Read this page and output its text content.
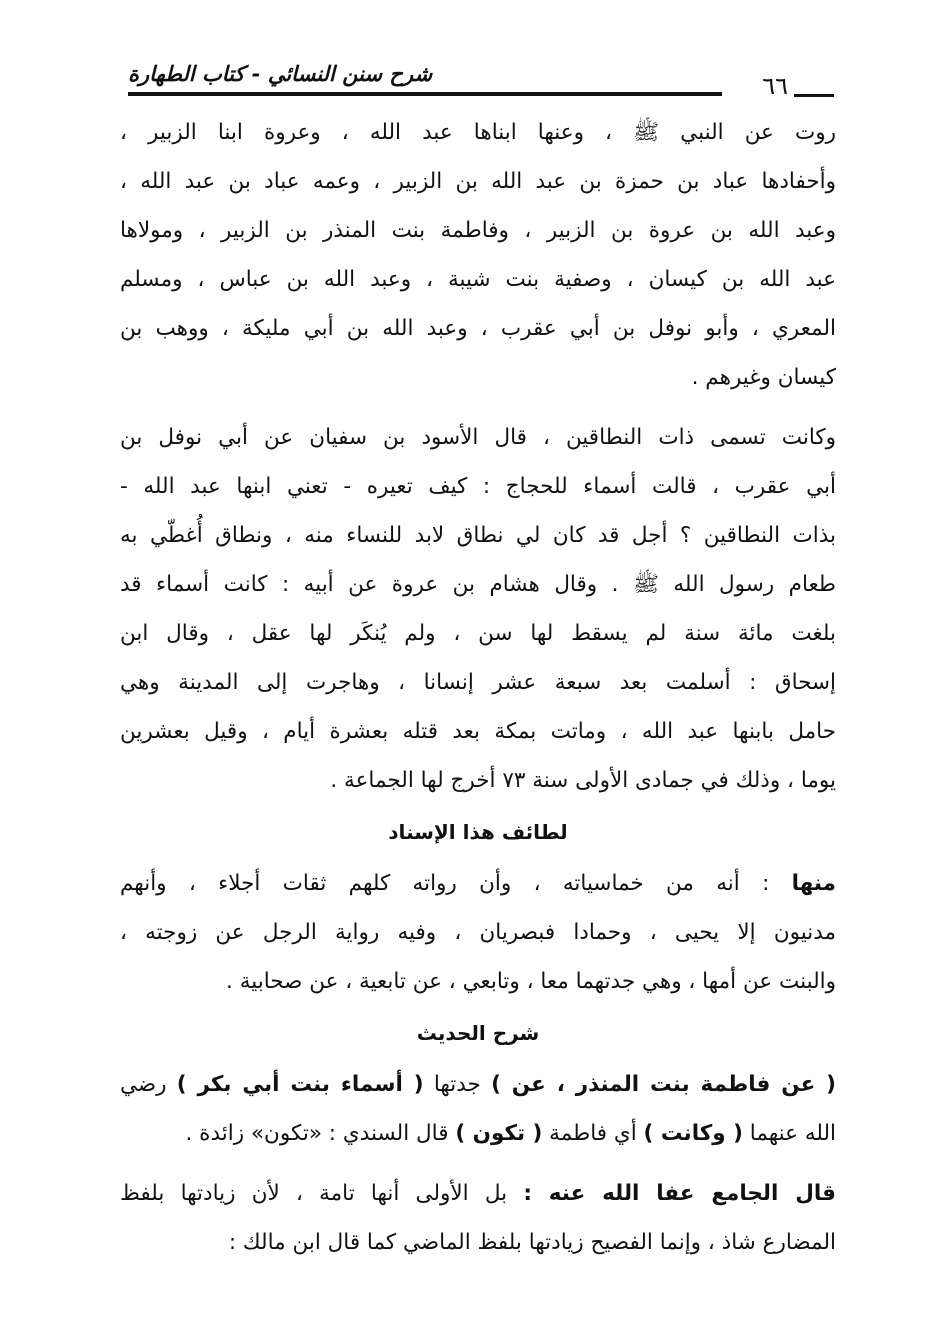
شرح سنن النسائي - كتاب الطهارة	٦٦
روت عن النبي ﷺ ، وعنها ابناها عبد الله ، وعروة ابنا الزبير ،
وأحفادها عباد بن حمزة بن عبد الله بن الزبير ، وعمه عباد بن عبد الله ،
وعبد الله بن عروة بن الزبير ، وفاطمة بنت المنذر بن الزبير ، ومولاها
عبد الله بن كيسان ، وصفية بنت شيبة ، وعبد الله بن عباس ، ومسلم
المعري ، وأبو نوفل بن أبي عقرب ، وعبد الله بن أبي مليكة ، ووهب بن
كيسان وغيرهم .
وكانت تسمى ذات النطاقين ، قال الأسود بن سفيان عن أبي نوفل بن
أبي عقرب ، قالت أسماء للحجاج : كيف تعيره - تعني ابنها عبد الله -
بذات النطاقين ؟ أجل قد كان لي نطاق لابد للنساء منه ، ونطاق أُغطّي به
طعام رسول الله ﷺ . وقال هشام بن عروة عن أبيه : كانت أسماء قد
بلغت مائة سنة لم يسقط لها سن ، ولم يُنكَر لها عقل ، وقال ابن
إسحاق : أسلمت بعد سبعة عشر إنسانا ، وهاجرت إلى المدينة وهي
حامل بابنها عبد الله ، وماتت بمكة بعد قتله بعشرة أيام ، وقيل بعشرين
يوما ، وذلك في جمادى الأولى سنة ٧٣ أخرج لها الجماعة .
لطائف هذا الإسناد
منها : أنه من خماسياته ، وأن رواته كلهم ثقات أجلاء ، وأنهم
مدنيون إلا يحيى ، وحمادا فبصريان ، وفيه رواية الرجل عن زوجته ،
والبنت عن أمها ، وهي جدتهما معا ، وتابعي ، عن تابعية ، عن صحابية .
شرح الحديث
( عن فاطمة بنت المنذر ، عن ) جدتها ( أسماء بنت أبي بكر ) رضي
الله عنهما ( وكانت ) أي فاطمة ( تكون ) قال السندي : «تكون» زائدة .
قال الجامع عفا الله عنه : بل الأولى أنها تامة ، لأن زيادتها بلفظ
المضارع شاذ ، وإنما الفصيح زيادتها بلفظ الماضي كما قال ابن مالك :
